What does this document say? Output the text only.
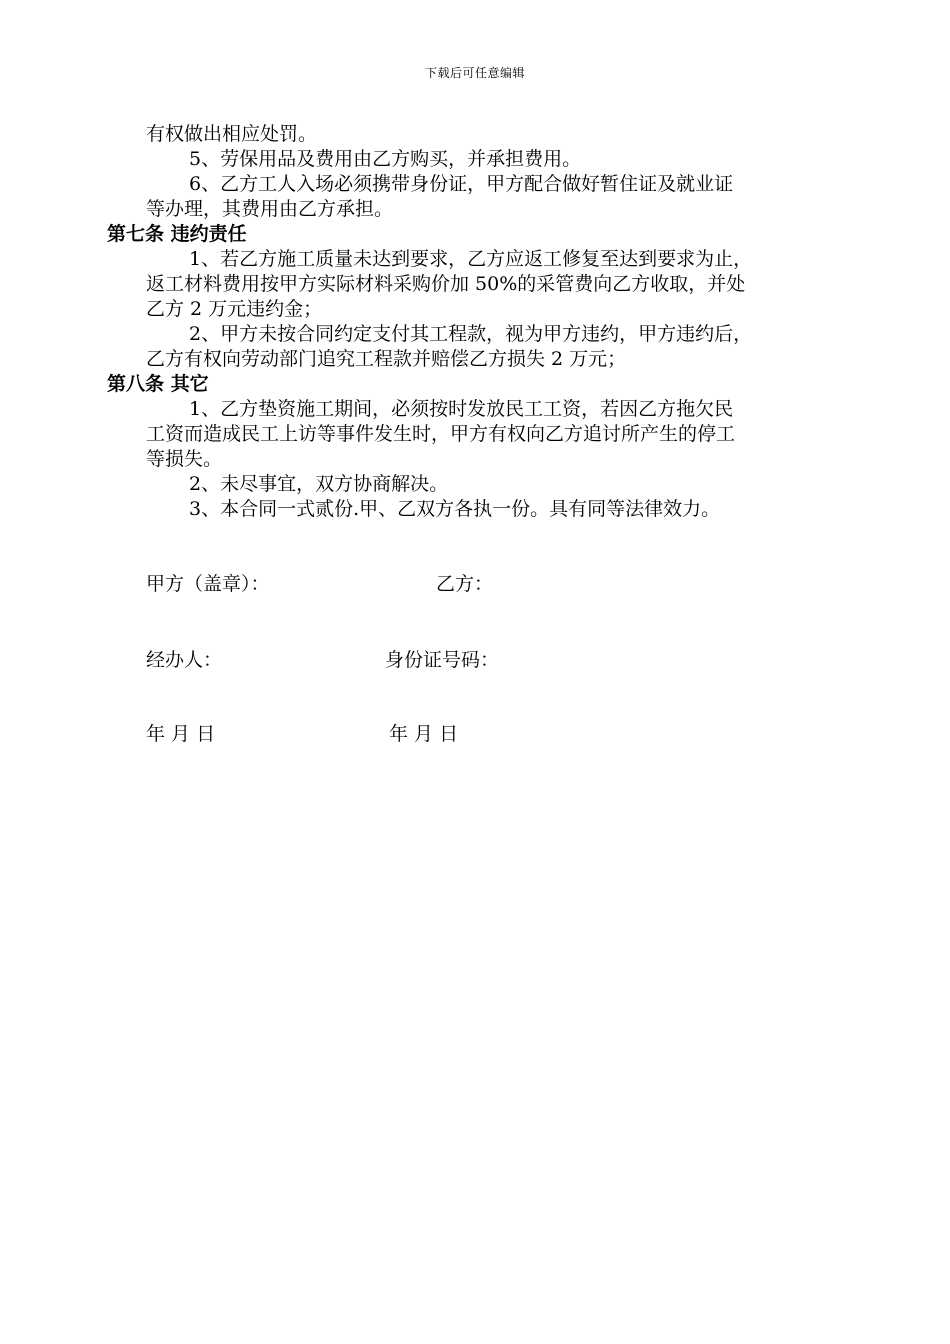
下载后可任意编辑
有权做出相应处罚。
5、劳保用品及费用由乙方购买，并承担费用。
6、乙方工人入场必须携带身份证，甲方配合做好暂住证及就业证
等办理，其费用由乙方承担。
第七条 违约责任
1、若乙方施工质量未达到要求，乙方应返工修复至达到要求为止，
返工材料费用按甲方实际材料采购价加 50%的采管费向乙方收取，并处
乙方 2 万元违约金；
2、甲方未按合同约定支付其工程款，视为甲方违约，甲方违约后，
乙方有权向劳动部门追究工程款并赔偿乙方损失 2 万元；
第八条 其它
1、乙方垫资施工期间，必须按时发放民工工资，若因乙方拖欠民
工资而造成民工上访等事件发生时，甲方有权向乙方追讨所产生的停工
等损失。
2、未尽事宜，双方协商解决。
3、本合同一式贰份.甲、乙双方各执一份。具有同等法律效力。
甲方（盖章）：	乙方：
经办人：	身份证号码：
年 月 日	年 月 日
